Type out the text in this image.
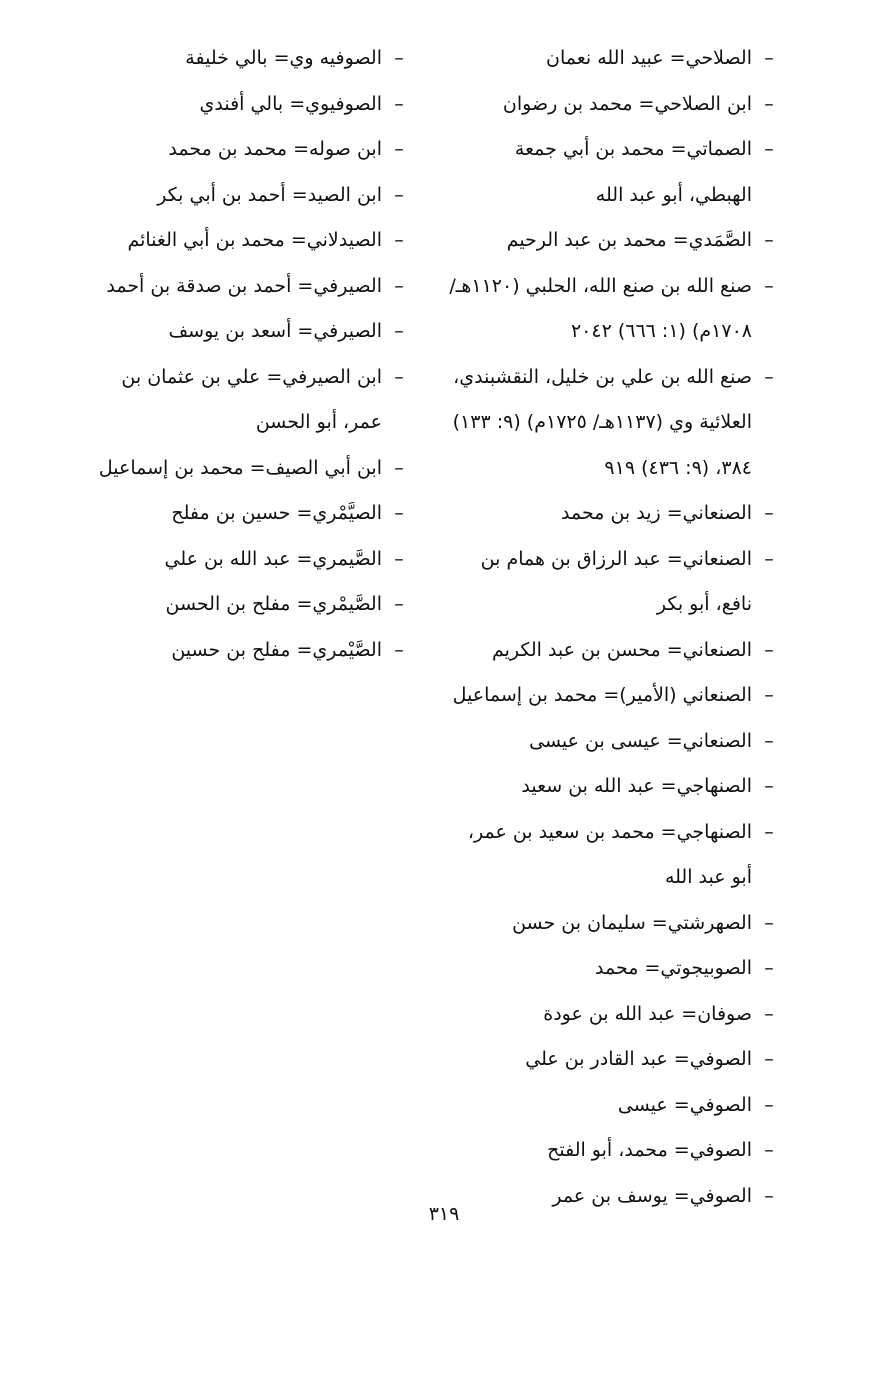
–
الصلاحي= عبيد الله نعمان
–
ابن الصلاحي= محمد بن رضوان
–
الصماتي= محمد بن أبي جمعة الهبطي، أبو عبد الله
–
الصَّمَدي= محمد بن عبد الرحيم
–
صنع الله بن صنع الله، الحلبي (١١٢٠هـ/ ١٧٠٨م) (١: ٦٦٦) ٢٠٤٢
–
صنع الله بن علي بن خليل، النقشبندي، العلائية وي (١١٣٧هـ/ ١٧٢٥م) (٩: ١٣٣) ٣٨٤، (٩: ٤٣٦) ٩١٩
–
الصنعاني= زيد بن محمد
–
الصنعاني= عبد الرزاق بن همام بن نافع، أبو بكر
–
الصنعاني= محسن بن عبد الكريم
–
الصنعاني (الأمير)= محمد بن إسماعيل
–
الصنعاني= عيسى بن عيسى
–
الصنهاجي= عبد الله بن سعيد
–
الصنهاجي= محمد بن سعيد بن عمر، أبو عبد الله
–
الصهرشتي= سليمان بن حسن
–
الصوبيجوتي= محمد
–
صوفان= عبد الله بن عودة
–
الصوفي= عبد القادر بن علي
–
الصوفي= عيسى
–
الصوفي= محمد، أبو الفتح
–
الصوفي= يوسف بن عمر
–
الصوفيه وي= بالي خليفة
–
الصوفيوي= بالي أفندي
–
ابن صوله= محمد بن محمد
–
ابن الصيد= أحمد بن أبي بكر
–
الصيدلاني= محمد بن أبي الغنائم
–
الصيرفي= أحمد بن صدقة بن أحمد
–
الصيرفي= أسعد بن يوسف
–
ابن الصيرفي= علي بن عثمان بن عمر، أبو الحسن
–
ابن أبي الصيف= محمد بن إسماعيل
–
الصيَّمْري= حسين بن مفلح
–
الصَّيمري= عبد الله بن علي
–
الصَّيمْري= مفلح بن الحسن
–
الصَّيْمري= مفلح بن حسين
٣١٩
